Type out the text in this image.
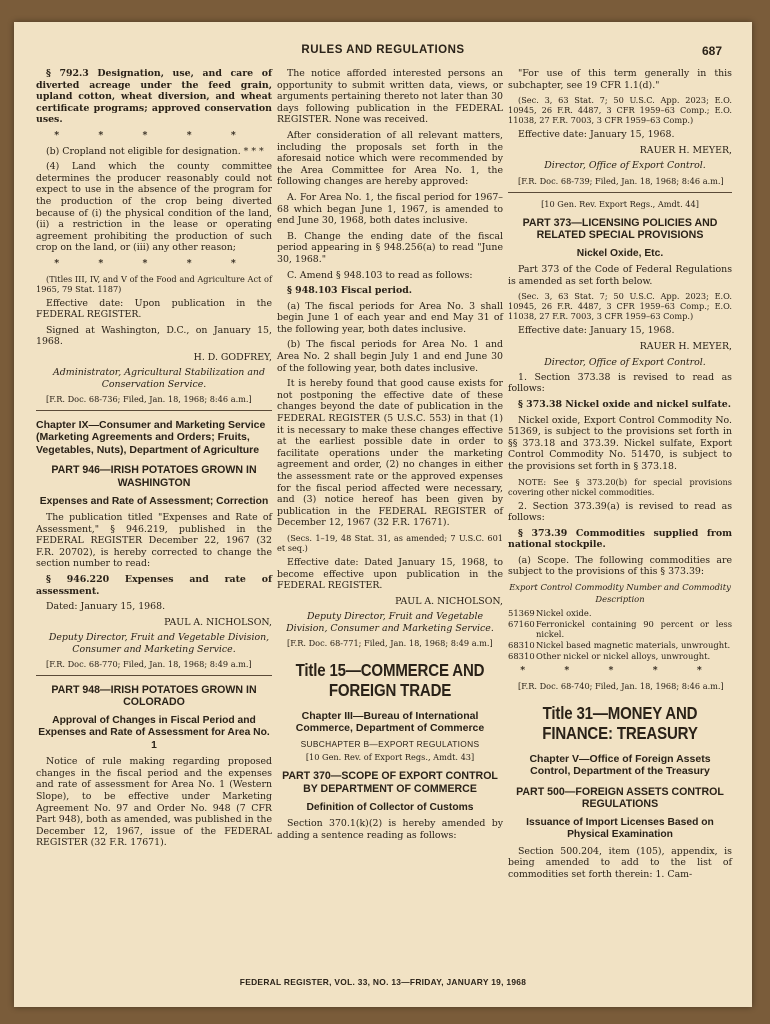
RULES AND REGULATIONS	687

§ 792.3 Designation, use, and care of diverted acreage under the feed grain, upland cotton, wheat diversion, and wheat certificate programs; approved conservation uses.

* * * * *

(b) Cropland not eligible for designation. * * *

(4) Land which the county committee determines the producer reasonably could not expect to use in the absence of the program for the production of the crop being diverted because of (i) the physical condition of the land, (ii) a restriction in the lease or operating agreement prohibiting the production of such crop on the land, or (iii) any other reason;

* * * * *

(Titles III, IV, and V of the Food and Agriculture Act of 1965, 79 Stat. 1187)

Effective date: Upon publication in the FEDERAL REGISTER.

Signed at Washington, D.C., on January 15, 1968.

H. D. GODFREY,

Administrator, Agricultural Stabilization and Conservation Service.

[F.R. Doc. 68-736; Filed, Jan. 18, 1968; 8:46 a.m.]

Chapter IX—Consumer and Marketing Service (Marketing Agreements and Orders; Fruits, Vegetables, Nuts), Department of Agriculture
PART 946—IRISH POTATOES GROWN IN WASHINGTON
Expenses and Rate of Assessment; Correction

The publication titled "Expenses and Rate of Assessment," § 946.219, published in the FEDERAL REGISTER December 22, 1967 (32 F.R. 20702), is hereby corrected to change the section number to read:

§ 946.220 Expenses and rate of assessment.

Dated: January 15, 1968.

PAUL A. NICHOLSON,

Deputy Director, Fruit and Vegetable Division, Consumer and Marketing Service.

[F.R. Doc. 68-770; Filed, Jan. 18, 1968; 8:49 a.m.]

PART 948—IRISH POTATOES GROWN IN COLORADO
Approval of Changes in Fiscal Period and Expenses and Rate of Assessment for Area No. 1

Notice of rule making regarding proposed changes in the fiscal period and the expenses and rate of assessment for Area No. 1 (Western Slope), to be effective under Marketing Agreement No. 97 and Order No. 948 (7 CFR Part 948), both as amended, was published in the December 12, 1967, issue of the FEDERAL REGISTER (32 F.R. 17671).

The notice afforded interested persons an opportunity to submit written data, views, or arguments pertaining thereto not later than 30 days following publication in the FEDERAL REGISTER. None was received.

After consideration of all relevant matters, including the proposals set forth in the aforesaid notice which were recommended by the Area Committee for Area No. 1, the following changes are hereby approved:

A. For Area No. 1, the fiscal period for 1967–68 which began June 1, 1967, is amended to end June 30, 1968, both dates inclusive.

B. Change the ending date of the fiscal period appearing in § 948.256(a) to read "June 30, 1968."

C. Amend § 948.103 to read as follows:

§ 948.103 Fiscal period.

(a) The fiscal periods for Area No. 3 shall begin June 1 of each year and end May 31 of the following year, both dates inclusive.

(b) The fiscal periods for Area No. 1 and Area No. 2 shall begin July 1 and end June 30 of the following year, both dates inclusive.

It is hereby found that good cause exists for not postponing the effective date of these changes beyond the date of publication in the FEDERAL REGISTER (5 U.S.C. 553) in that (1) it is necessary to make these changes effective at the earliest possible date in order to facilitate operations under the marketing agreement and order, (2) no changes in either the assessment rate or the approved expenses for the fiscal period affected were necessary, and (3) notice hereof has been given by publication in the FEDERAL REGISTER of December 12, 1967 (32 F.R. 17671).

(Secs. 1–19, 48 Stat. 31, as amended; 7 U.S.C. 601 et seq.)

Effective date: Dated January 15, 1968, to become effective upon publication in the FEDERAL REGISTER.

PAUL A. NICHOLSON,

Deputy Director, Fruit and Vegetable Division, Consumer and Marketing Service.

[F.R. Doc. 68-771; Filed, Jan. 18, 1968; 8:49 a.m.]

Title 15—COMMERCE AND FOREIGN TRADE
Chapter III—Bureau of International Commerce, Department of Commerce
SUBCHAPTER B—EXPORT REGULATIONS

[10 Gen. Rev. of Export Regs., Amdt. 43]

PART 370—SCOPE OF EXPORT CONTROL BY DEPARTMENT OF COMMERCE
Definition of Collector of Customs

Section 370.1(k)(2) is hereby amended by adding a sentence reading as follows:

"For use of this term generally in this subchapter, see 19 CFR 1.1(d)."

(Sec. 3, 63 Stat. 7; 50 U.S.C. App. 2023; E.O. 10945, 26 F.R. 4487, 3 CFR 1959–63 Comp.; E.O. 11038, 27 F.R. 7003, 3 CFR 1959–63 Comp.)

Effective date: January 15, 1968.

RAUER H. MEYER,

Director, Office of Export Control.

[F.R. Doc. 68-739; Filed, Jan. 18, 1968; 8:46 a.m.]

[10 Gen. Rev. Export Regs., Amdt. 44]

PART 373—LICENSING POLICIES AND RELATED SPECIAL PROVISIONS
Nickel Oxide, Etc.

Part 373 of the Code of Federal Regulations is amended as set forth below.

(Sec. 3, 63 Stat. 7; 50 U.S.C. App. 2023; E.O. 10945, 26 F.R. 4487, 3 CFR 1959–63 Comp.; E.O. 11038, 27 F.R. 7003, 3 CFR 1959–63 Comp.)

Effective date: January 15, 1968.

RAUER H. MEYER,

Director, Office of Export Control.

1. Section 373.38 is revised to read as follows:

§ 373.38 Nickel oxide and nickel sulfate.

Nickel oxide, Export Control Commodity No. 51369, is subject to the provisions set forth in §§ 373.18 and 373.39. Nickel sulfate, Export Control Commodity No. 51470, is subject to the provisions set forth in § 373.18.

NOTE: See § 373.20(b) for special provisions covering other nickel commodities.

2. Section 373.39(a) is revised to read as follows:

§ 373.39 Commodities supplied from national stockpile.

(a) Scope. The following commodities are subject to the provisions of this § 373.39:

Export Control Commodity Number and Commodity Description
51369	Nickel oxide.
67160	Ferronickel containing 90 percent or less nickel.
68310	Nickel based magnetic materials, unwrought.
68310	Other nickel or nickel alloys, unwrought.
* * * * *

[F.R. Doc. 68-740; Filed, Jan. 18, 1968; 8:46 a.m.]

Title 31—MONEY AND FINANCE: TREASURY
Chapter V—Office of Foreign Assets Control, Department of the Treasury
PART 500—FOREIGN ASSETS CONTROL REGULATIONS
Issuance of Import Licenses Based on Physical Examination

Section 500.204, item (105), appendix, is being amended to add to the list of commodities set forth therein: 1. Cam-

FEDERAL REGISTER, VOL. 33, NO. 13—FRIDAY, JANUARY 19, 1968
